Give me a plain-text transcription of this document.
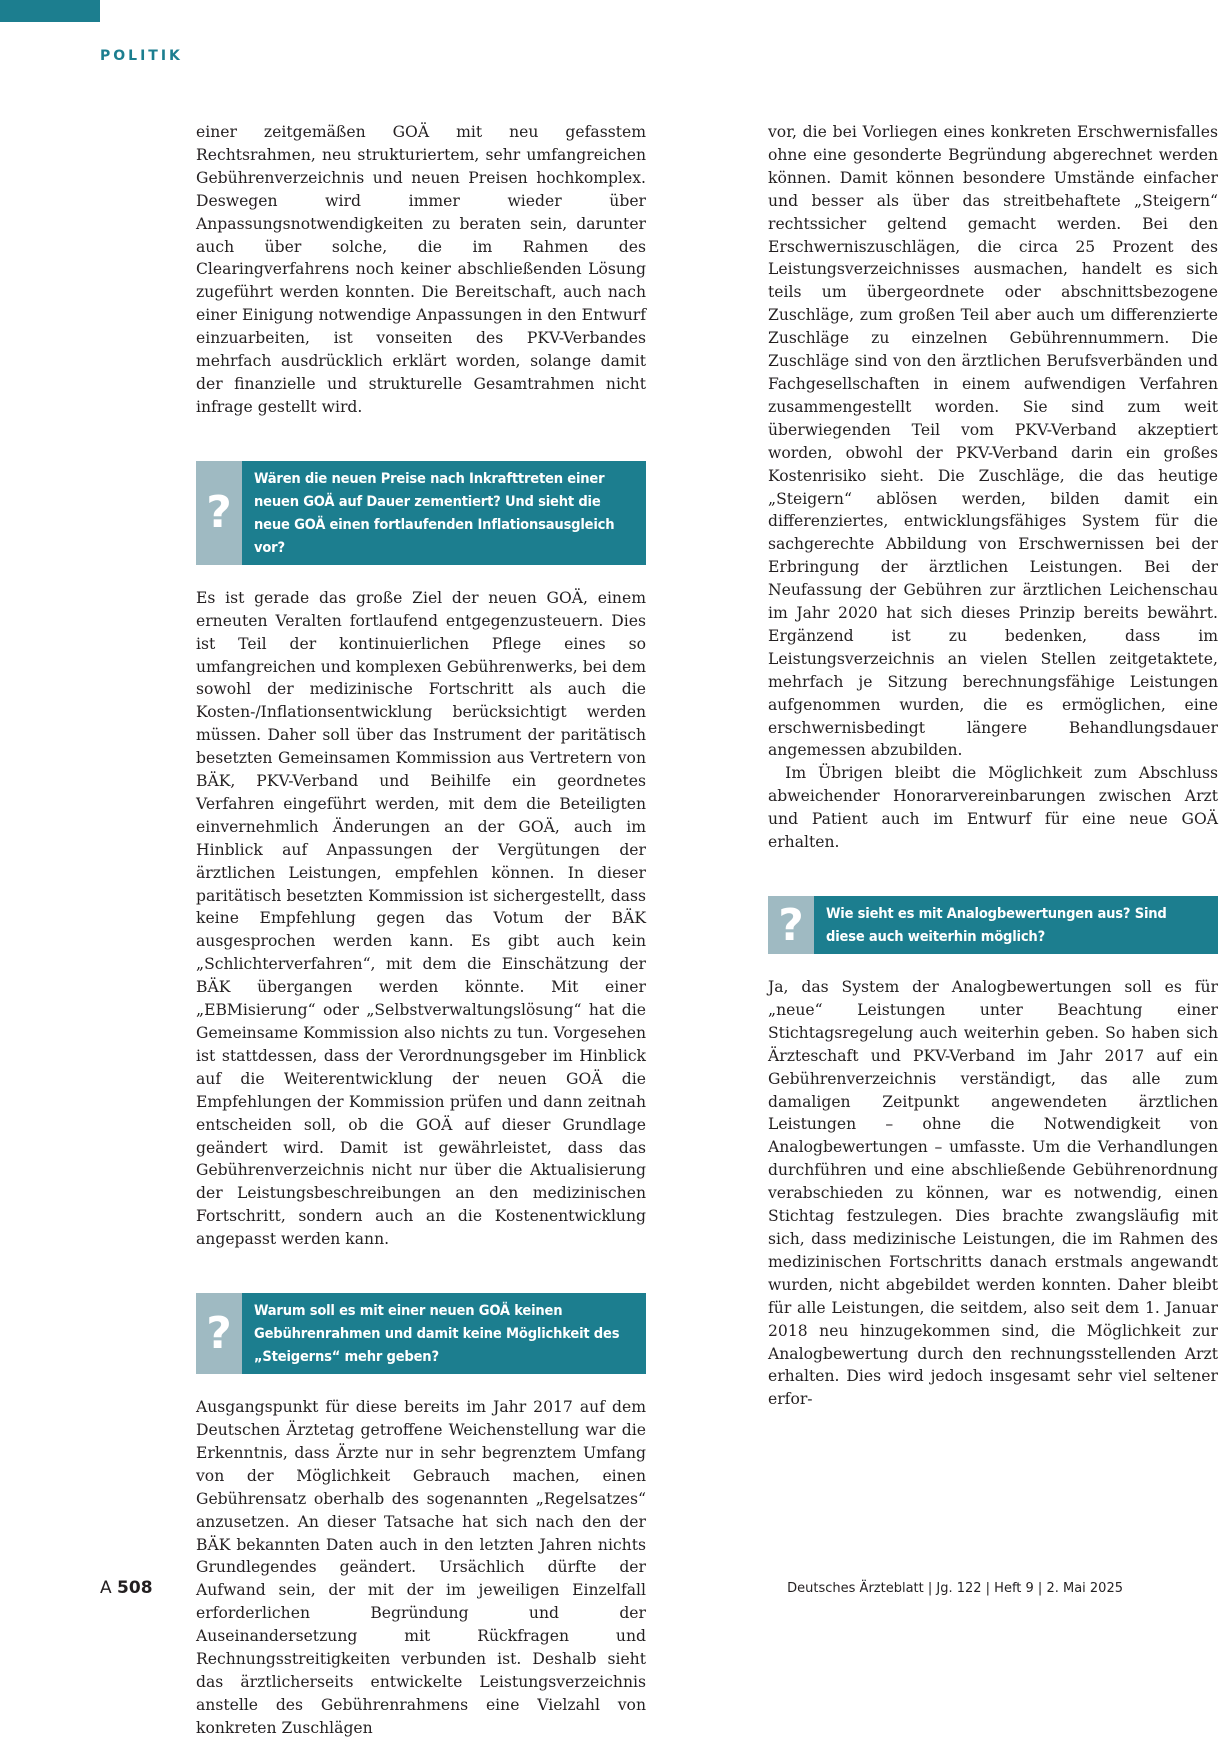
POLITIK

einer zeitgemäßen GOÄ mit neu gefasstem Rechtsrahmen, neu strukturiertem, sehr umfangreichen Gebührenverzeichnis und neuen Preisen hochkomplex. Deswegen wird immer wieder über Anpassungsnotwendigkeiten zu beraten sein, darunter auch über solche, die im Rahmen des Clearingverfahrens noch keiner abschließenden Lösung zugeführt werden konnten. Die Bereitschaft, auch nach einer Einigung notwendige Anpassungen in den Entwurf einzuarbeiten, ist vonseiten des PKV-Verbandes mehrfach ausdrücklich erklärt worden, solange damit der finanzielle und strukturelle Gesamtrahmen nicht infrage gestellt wird.

?
Wären die neuen Preise nach Inkrafttreten einer neuen GOÄ auf Dauer zementiert? Und sieht die neue GOÄ einen fortlaufenden Inflationsausgleich vor?

Es ist gerade das große Ziel der neuen GOÄ, einem erneuten Veralten fortlaufend entgegenzusteuern. Dies ist Teil der kontinuierlichen Pflege eines so umfangreichen und komplexen Gebührenwerks, bei dem sowohl der medizinische Fortschritt als auch die Kosten-/Inflationsentwicklung berücksichtigt werden müssen. Daher soll über das Instrument der paritätisch besetzten Gemeinsamen Kommission aus Vertretern von BÄK, PKV-Verband und Beihilfe ein geordnetes Verfahren eingeführt werden, mit dem die Beteiligten einvernehmlich Änderungen an der GOÄ, auch im Hinblick auf Anpassungen der Vergütungen der ärztlichen Leistungen, empfehlen können. In dieser paritätisch besetzten Kommission ist sichergestellt, dass keine Empfehlung gegen das Votum der BÄK ausgesprochen werden kann. Es gibt auch kein „Schlichterverfahren“, mit dem die Einschätzung der BÄK übergangen werden könnte. Mit einer „EBMisierung“ oder „Selbstverwaltungslösung“ hat die Gemeinsame Kommission also nichts zu tun. Vorgesehen ist stattdessen, dass der Verordnungsgeber im Hinblick auf die Weiterentwicklung der neuen GOÄ die Empfehlungen der Kommission prüfen und dann zeitnah entscheiden soll, ob die GOÄ auf dieser Grundlage geändert wird. Damit ist gewährleistet, dass das Gebührenverzeichnis nicht nur über die Aktualisierung der Leistungsbeschreibungen an den medizinischen Fortschritt, sondern auch an die Kostenentwicklung angepasst werden kann.

?	Warum soll es mit einer neuen GOÄ keinen Gebührenrahmen und damit keine Möglichkeit des „Steigerns“ mehr geben?

Ausgangspunkt für diese bereits im Jahr 2017 auf dem Deutschen Ärztetag getroffene Weichenstellung war die Erkenntnis, dass Ärzte nur in sehr begrenztem Umfang von der Möglichkeit Gebrauch machen, einen Gebührensatz oberhalb des sogenannten „Regelsatzes“ anzusetzen. An dieser Tatsache hat sich nach den der BÄK bekannten Daten auch in den letzten Jahren nichts Grundlegendes geändert. Ursächlich dürfte der Aufwand sein, der mit der im jeweiligen Einzelfall erforderlichen Begründung und der Auseinandersetzung mit Rückfragen und Rechnungsstreitigkeiten verbunden ist. Deshalb sieht das ärztlicherseits entwickelte Leistungsverzeichnis anstelle des Gebührenrahmens eine Vielzahl von konkreten Zuschlägen

vor, die bei Vorliegen eines konkreten Erschwernisfalles ohne eine gesonderte Begründung abgerechnet werden können. Damit können besondere Umstände einfacher und besser als über das streitbehaftete „Steigern“ rechtssicher geltend gemacht werden. Bei den Erschwerniszuschlägen, die circa 25 Prozent des Leistungsverzeichnisses ausmachen, handelt es sich teils um übergeordnete oder abschnittsbezogene Zuschläge, zum großen Teil aber auch um differenzierte Zuschläge zu einzelnen Gebührennummern. Die Zuschläge sind von den ärztlichen Berufsverbänden und Fachgesellschaften in einem aufwendigen Verfahren zusammengestellt worden. Sie sind zum weit überwiegenden Teil vom PKV-Verband akzeptiert worden, obwohl der PKV-Verband darin ein großes Kostenrisiko sieht. Die Zuschläge, die das heutige „Steigern“ ablösen werden, bilden damit ein differenziertes, entwicklungsfähiges System für die sachgerechte Abbildung von Erschwernissen bei der Erbringung der ärztlichen Leistungen. Bei der Neufassung der Gebühren zur ärztlichen Leichenschau im Jahr 2020 hat sich dieses Prinzip bereits bewährt. Ergänzend ist zu bedenken, dass im Leistungsverzeichnis an vielen Stellen zeitgetaktete, mehrfach je Sitzung berechnungsfähige Leistungen aufgenommen wurden, die es ermöglichen, eine erschwernisbedingt längere Behandlungsdauer angemessen abzubilden.

Im Übrigen bleibt die Möglichkeit zum Abschluss abweichender Honorarvereinbarungen zwischen Arzt und Patient auch im Entwurf für eine neue GOÄ erhalten.

?	Wie sieht es mit Analogbewertungen aus? Sind diese auch weiterhin möglich?

Ja, das System der Analogbewertungen soll es für „neue“ Leistungen unter Beachtung einer Stichtagsregelung auch weiterhin geben. So haben sich Ärzteschaft und PKV-Verband im Jahr 2017 auf ein Gebührenverzeichnis verständigt, das alle zum damaligen Zeitpunkt angewendeten ärztlichen Leistungen – ohne die Notwendigkeit von Analogbewertungen – umfasste. Um die Verhandlungen durchführen und eine abschließende Gebührenordnung verabschieden zu können, war es notwendig, einen Stichtag festzulegen. Dies brachte zwangsläufig mit sich, dass medizinische Leistungen, die im Rahmen des medizinischen Fortschritts danach erstmals angewandt wurden, nicht abgebildet werden konnten. Daher bleibt für alle Leistungen, die seitdem, also seit dem 1. Januar 2018 neu hinzugekommen sind, die Möglichkeit zur Analogbewertung durch den rechnungsstellenden Arzt erhalten. Dies wird jedoch insgesamt sehr viel seltener erfor-

A 508	Deutsches Ärzteblatt | Jg. 122 | Heft 9 | 2. Mai 2025
